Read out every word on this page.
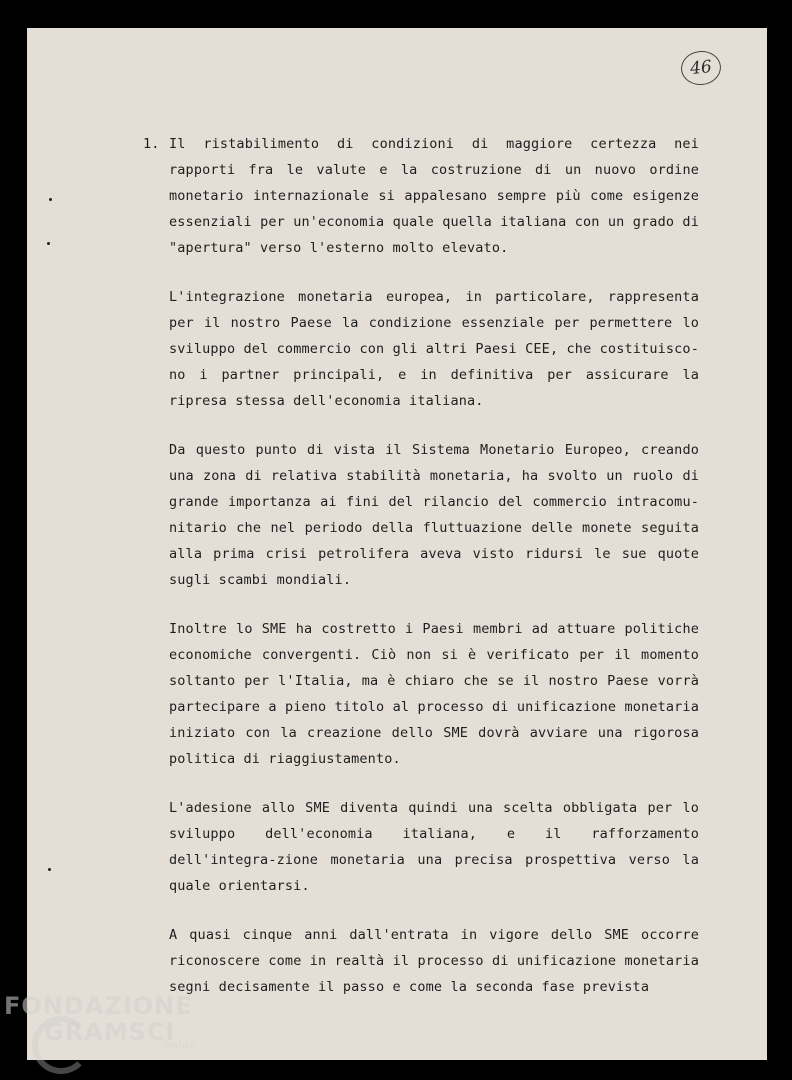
46
1. Il ristabilimento di condizioni di maggiore certezza nei rapporti fra le valute e la costruzione di un nuovo ordine monetario internazionale si appalesano sempre più come esigenze essenziali per un'economia quale quella italiana con un grado di "apertura" verso l'esterno molto elevato.

L'integrazione monetaria europea, in particolare, rappresenta per il nostro Paese la condizione essenziale per permettere lo sviluppo del commercio con gli altri Paesi CEE, che costituisco-no i partner principali, e in definitiva per assicurare la ripresa stessa dell'economia italiana.

Da questo punto di vista il Sistema Monetario Europeo, creando una zona di relativa stabilità monetaria, ha svolto un ruolo di grande importanza ai fini del rilancio del commercio intracomu-nitario che nel periodo della fluttuazione delle monete seguita alla prima crisi petrolifera aveva visto ridursi le sue quote sugli scambi mondiali.

Inoltre lo SME ha costretto i Paesi membri ad attuare politiche economiche convergenti. Ciò non si è verificato per il momento soltanto per l'Italia, ma è chiaro che se il nostro Paese vorrà partecipare a pieno titolo al processo di unificazione monetaria iniziato con la creazione dello SME dovrà avviare una rigorosa politica di riaggiustamento.

L'adesione allo SME diventa quindi una scelta obbligata per lo sviluppo dell'economia italiana, e il rafforzamento dell'integra-zione monetaria una precisa prospettiva verso la quale orientarsi.

A quasi cinque anni dall'entrata in vigore dello SME occorre riconoscere come in realtà il processo di unificazione monetaria segni decisamente il passo e come la seconda fase prevista

FONDAZIONE
GRAMSCI
Onlus
